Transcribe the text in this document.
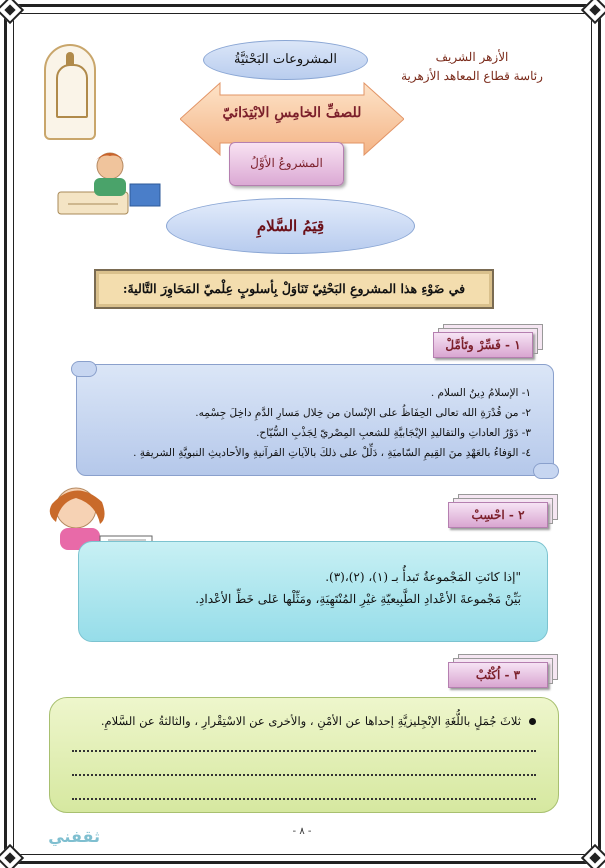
الأزهر الشريف
رئاسة قطاع المعاهد الأزهرية
المشروعات البَحْثيَّةُ
للصفِّ الخامِسِ الابْتِدَائيّ
المشروعُ الأوَّلُ
قِيَمُ السَّلامِ
في ضَوْءِ هذا المشروعِ البَحْثِيّ تَنَاوَلْ بِأسلوبٍ عِلْميّ المَحَاوِرَ التَّاليةَ:
١ - فَسِّرْ وتَأمَّلْ
١- الإسلامُ دِينُ السلام .
٢- من قُدْرَةِ الله تعالى الحِفَاظُ على الإنْسان من خِلال مَسارِ الدَّمِ داخِلَ جِسْمِه.
٣- دَوْرُ العاداتِ والتقاليدِ الإيْجَابيَّةِ للشعبِ المِصْريّ لِجَذْبِ السُّيّاح.
٤- الوَفاءُ بالعَهْدِ منَ القِيمِ السّاميَةِ ، دَلِّلْ على ذلكَ بالآياتِ القرآنيةِ والأحاديثِ النبويَّةِ الشريفةِ .
٢ - احْسِبْ
"إذا كانَتِ المَجْموعةُ تَبدأُ بـ (١)، (٢)،(٣).
بَيِّنْ مَجْموعةَ الأعْدادِ الطَّبِيعيّةِ غيْرِ المُنْتَهِيَةِ، ومَثِّلْها عَلى خَطِّ الأعْدادِ.
٣ - اُكْتُبْ
ثلاثَ جُمَلٍ باللُّغَةِ الإنْجِليزيَّةِ إحداها عن الأمْنِ ، والأخرى عن الاسْتِقْرارِ ، والثالثةُ عن السَّلامِ.
- ٨ -
ثقفني
